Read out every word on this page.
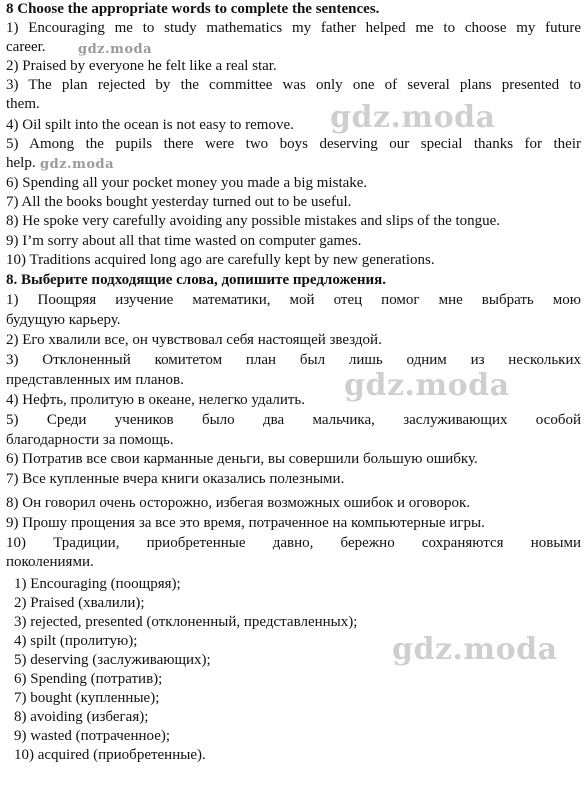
8 Choose the appropriate words to complete the sentences.

1) Encouraging me to study mathematics my father helped me to choose my future

career.

2) Praised by everyone he felt like a real star.

3) The plan rejected by the committee was only one of several plans presented to

them.

4) Oil spilt into the ocean is not easy to remove.

5) Among the pupils there were two boys deserving our special thanks for their

help.

6) Spending all your pocket money you made a big mistake.

7) All the books bought yesterday turned out to be useful.

8) He spoke very carefully avoiding any possible mistakes and slips of the tongue.

9) I’m sorry about all that time wasted on computer games.

10) Traditions acquired long ago are carefully kept by new generations.

8. Выберите подходящие слова, допишите предложения.

1) Поощряя изучение математики, мой отец помог мне выбрать мою

будущую карьеру.

2) Его хвалили все, он чувствовал себя настоящей звездой.

3) Отклоненный комитетом план был лишь одним из нескольких

представленных им планов.

4) Нефть, пролитую в океане, нелегко удалить.

5) Среди учеников было два мальчика, заслуживающих особой

благодарности за помощь.

6) Потратив все свои карманные деньги, вы совершили большую ошибку.

7) Все купленные вчера книги оказались полезными.

8) Он говорил очень осторожно, избегая возможных ошибок и оговорок.

9) Прошу прощения за все это время, потраченное на компьютерные игры.

10) Традиции, приобретенные давно, бережно сохраняются новыми

поколениями.

1) Encouraging (поощряя);

2) Praised (хвалили);

3) rejected, presented (отклоненный, представленных);

4) spilt (пролитую);

5) deserving (заслуживающих);

6) Spending (потратив);

7) bought (купленные);

8) avoiding (избегая);

9) wasted (потраченное);

10) acquired (приобретенные).

gdz.moda
gdz.moda
gdz.moda
gdz.moda
gdz.moda
